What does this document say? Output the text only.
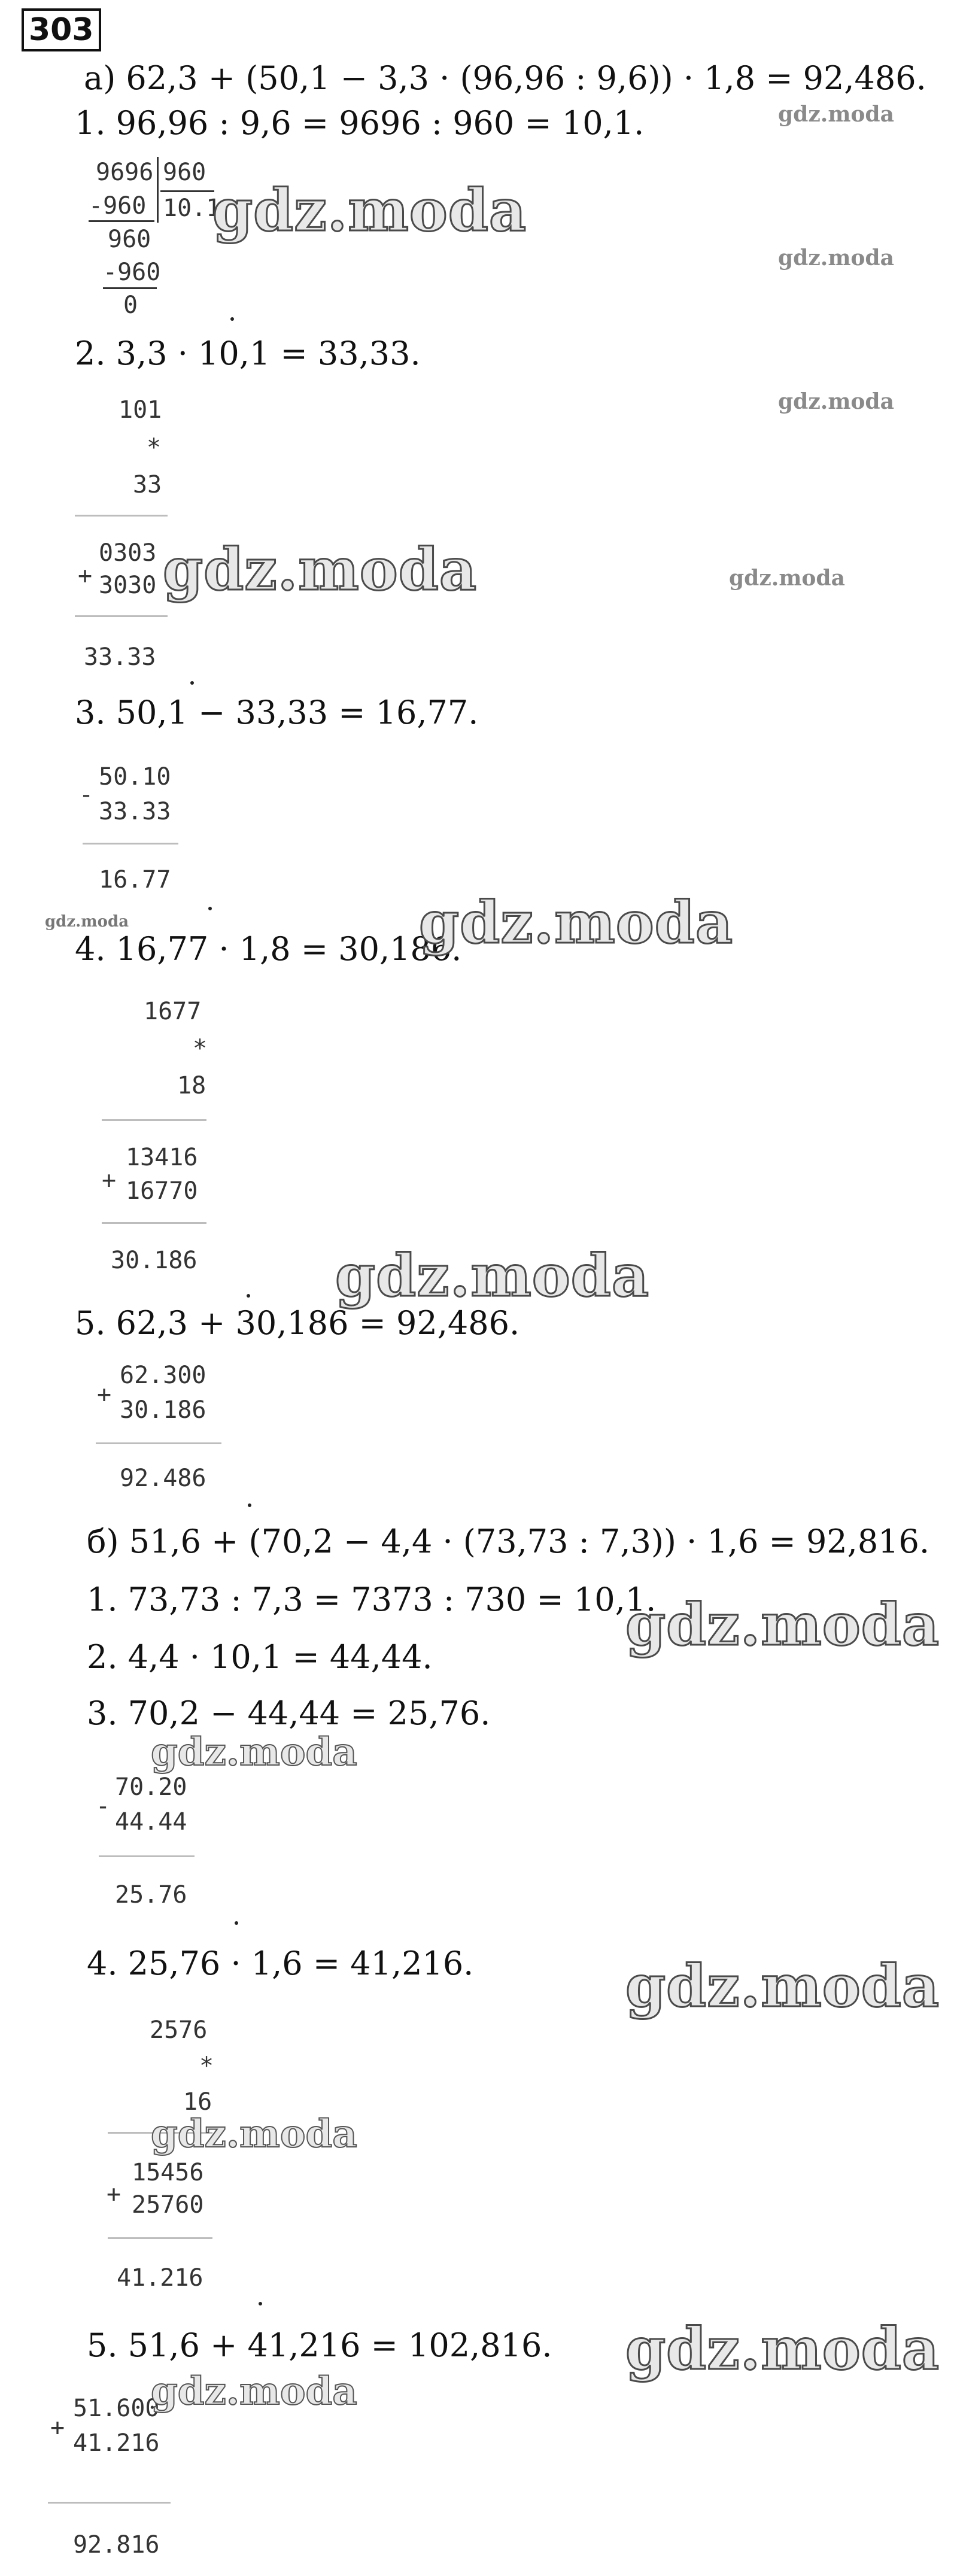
303
а) 62,3 + (50,1 − 3,3 · (96,96 : 9,6)) · 1,8 = 92,486.
1. 96,96 : 9,6 = 9696 : 960 = 10,1.
9696 960
10.1
-960
960
-960
0
2. 3,3 · 10,1 = 33,33.
101
*
33
+
0303
3030
33.33
3. 50,1 − 33,33 = 16,77.
50.10
-
33.33
16.77
4. 16,77 · 1,8 = 30,186.
1677
*
18
+
13416
16770
30.186
5. 62,3 + 30,186 = 92,486.
62.300
+
30.186
92.486
б) 51,6 + (70,2 − 4,4 · (73,73 : 7,3)) · 1,6 = 92,816.
1. 73,73 : 7,3 = 7373 : 730 = 10,1.
2. 4,4 · 10,1 = 44,44.
3. 70,2 − 44,44 = 25,76.
70.20
-
44.44
25.76
4. 25,76 · 1,6 = 41,216.
2576
*
16
+
15456
25760
41.216
5. 51,6 + 41,216 = 102,816.
51.600
+
41.216
92.816
gdz.moda
gdz.moda
gdz.moda
gdz.moda
gdz.moda	gdz.moda
gdz.moda	gdz.moda
gdz.moda
gdz.moda
gdz.moda
gdz.moda
gdz.moda
gdz.moda
gdz.moda
